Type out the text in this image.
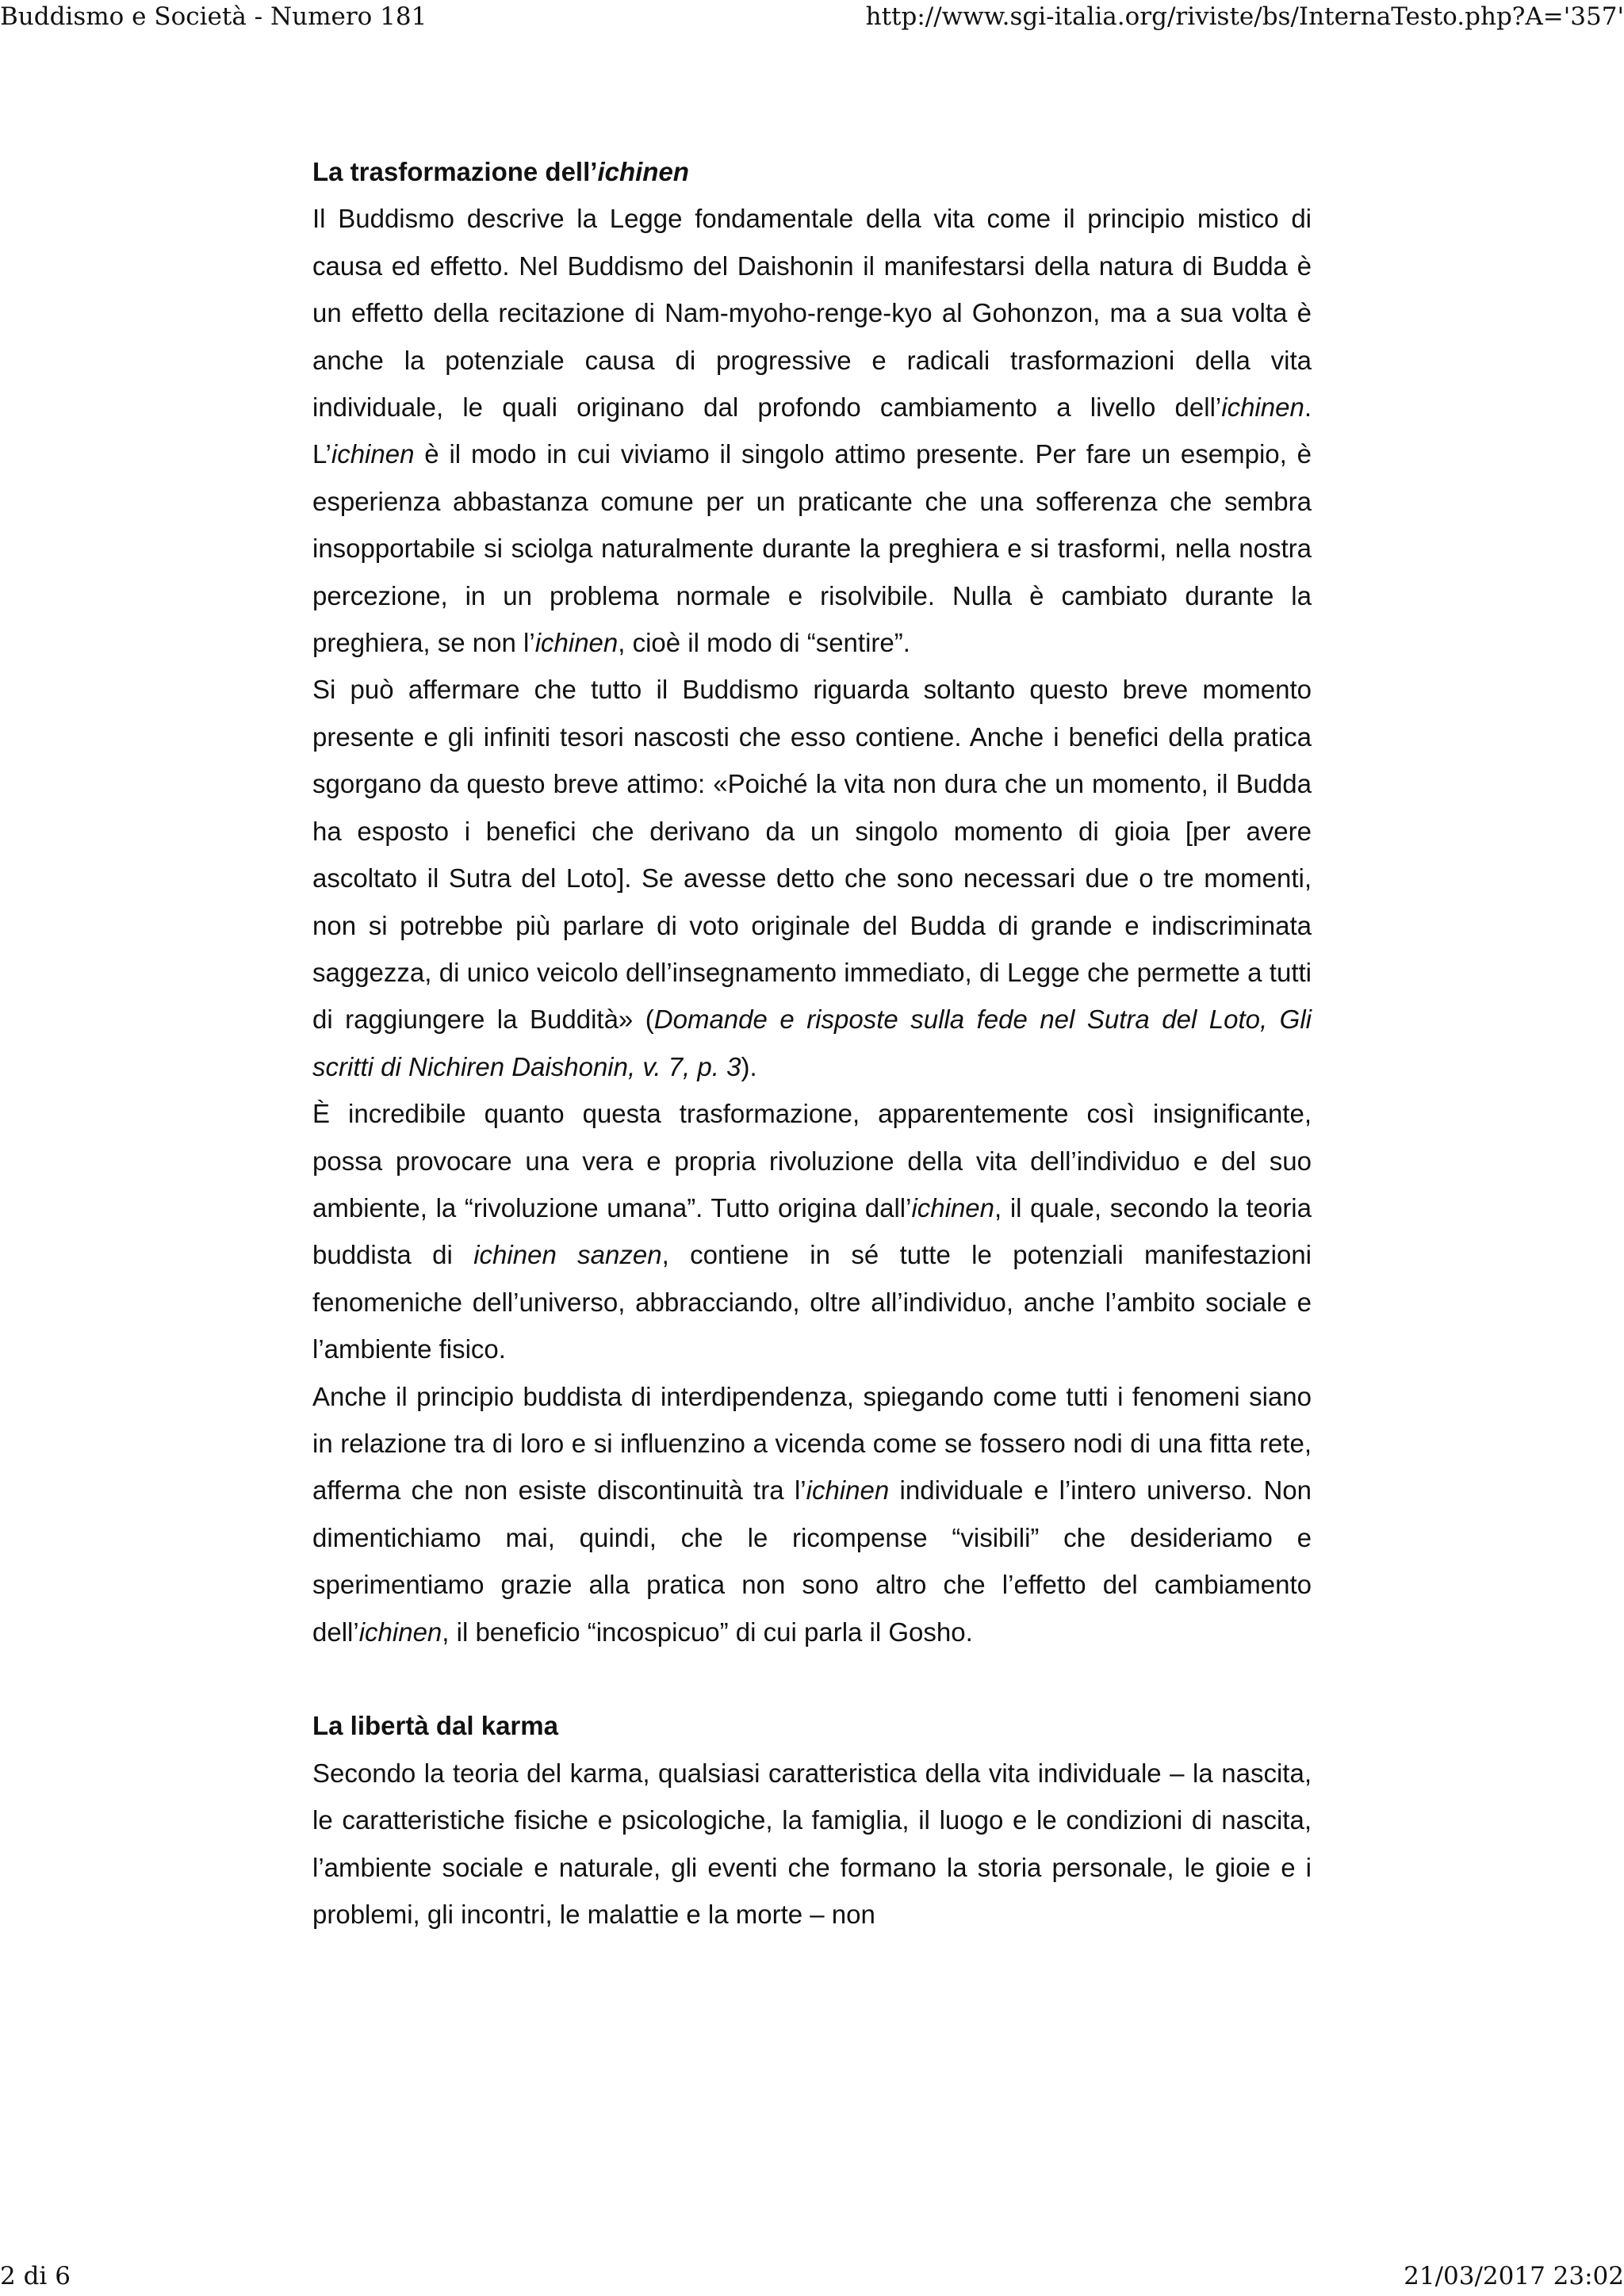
Buddismo e Società - Numero 181	http://www.sgi-italia.org/riviste/bs/InternaTesto.php?A='357'
La trasformazione dell’ichinen

Il Buddismo descrive la Legge fondamentale della vita come il principio mistico di causa ed effetto. Nel Buddismo del Daishonin il manifestarsi della natura di Budda è un effetto della recitazione di Nam-myoho-renge-kyo al Gohonzon, ma a sua volta è anche la potenziale causa di progressive e radicali trasformazioni della vita individuale, le quali originano dal profondo cambiamento a livello dell’ichinen. L’ichinen è il modo in cui viviamo il singolo attimo presente. Per fare un esempio, è esperienza abbastanza comune per un praticante che una sofferenza che sembra insopportabile si sciolga naturalmente durante la preghiera e si trasformi, nella nostra percezione, in un problema normale e risolvibile. Nulla è cambiato durante la preghiera, se non l’ichinen, cioè il modo di “sentire”.

Si può affermare che tutto il Buddismo riguarda soltanto questo breve momento presente e gli infiniti tesori nascosti che esso contiene. Anche i benefici della pratica sgorgano da questo breve attimo: «Poiché la vita non dura che un momento, il Budda ha esposto i benefici che derivano da un singolo momento di gioia [per avere ascoltato il Sutra del Loto]. Se avesse detto che sono necessari due o tre momenti, non si potrebbe più parlare di voto originale del Budda di grande e indiscriminata saggezza, di unico veicolo dell’insegnamento immediato, di Legge che permette a tutti di raggiungere la Buddità» (Domande e risposte sulla fede nel Sutra del Loto, Gli scritti di Nichiren Daishonin, v. 7, p. 3).

È incredibile quanto questa trasformazione, apparentemente così insignificante, possa provocare una vera e propria rivoluzione della vita dell’individuo e del suo ambiente, la “rivoluzione umana”. Tutto origina dall’ichinen, il quale, secondo la teoria buddista di ichinen sanzen, contiene in sé tutte le potenziali manifestazioni fenomeniche dell’universo, abbracciando, oltre all’individuo, anche l’ambito sociale e l’ambiente fisico.

Anche il principio buddista di interdipendenza, spiegando come tutti i fenomeni siano in relazione tra di loro e si influenzino a vicenda come se fossero nodi di una fitta rete, afferma che non esiste discontinuità tra l’ichinen individuale e l’intero universo. Non dimentichiamo mai, quindi, che le ricompense “visibili” che desideriamo e sperimentiamo grazie alla pratica non sono altro che l’effetto del cambiamento dell’ichinen, il beneficio “incospicuo” di cui parla il Gosho.

La libertà dal karma

Secondo la teoria del karma, qualsiasi caratteristica della vita individuale – la nascita, le caratteristiche fisiche e psicologiche, la famiglia, il luogo e le condizioni di nascita, l’ambiente sociale e naturale, gli eventi che formano la storia personale, le gioie e i problemi, gli incontri, le malattie e la morte – non

2 di 6	21/03/2017 23:02
